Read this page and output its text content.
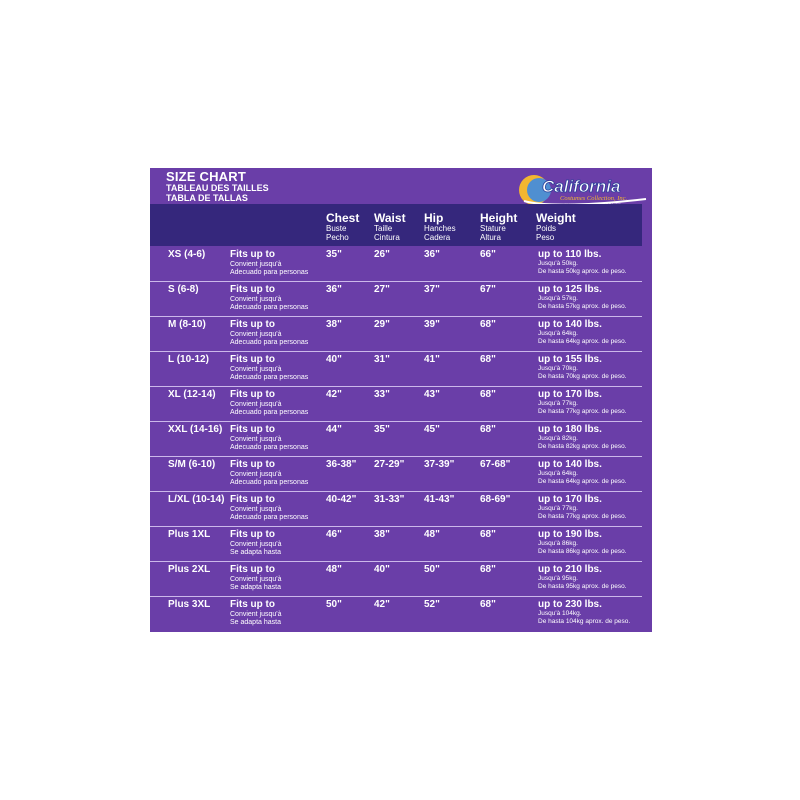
SIZE CHART
TABLEAU DES TAILLES
TABLA DE TALLAS
California
Costumes Collection, Inc.
Chest
Buste
Pecho
Waist
Taille
Cintura
Hip
Hanches
Cadera
Height
Stature
Altura
Weight
Poids
Peso
XS (4-6) Fits up to
Convient jusqu'à
Adecuado para personas
35"	26"	36"	66"	up to 110 lbs.
Jusqu'à 50kg.
De hasta 50kg aprox. de peso.
S (6-8)	Fits up to
Convient jusqu'à
Adecuado para personas
36"	27"	37"	67"	up to 125 lbs.
Jusqu'à 57kg.
De hasta 57kg aprox. de peso.
M (8-10) Fits up to
Convient jusqu'à
Adecuado para personas
38"	29"	39"	68"	up to 140 lbs.
Jusqu'à 64kg.
De hasta 64kg aprox. de peso.
L (10-12) Fits up to
Convient jusqu'à
Adecuado para personas
40"	31"	41"	68"	up to 155 lbs.
Jusqu'à 70kg.
De hasta 70kg aprox. de peso.
XL (12-14) Fits up to
Convient jusqu'à
Adecuado para personas
42"	33"	43"	68"	up to 170 lbs.
Jusqu'à 77kg.
De hasta 77kg aprox. de peso.
XXL (14-16) Fits up to
Convient jusqu'à
Adecuado para personas
44"	35"	45"	68"	up to 180 lbs.
Jusqu'à 82kg.
De hasta 82kg aprox. de peso.
S/M (6-10) Fits up to
Convient jusqu'à
Adecuado para personas
36-38" 27-29" 37-39"	67-68"	up to 140 lbs.
Jusqu'à 64kg.
De hasta 64kg aprox. de peso.
L/XL (10-14) Fits up to
Convient jusqu'à
Adecuado para personas
40-42" 31-33" 41-43"	68-69"	up to 170 lbs.
Jusqu'à 77kg.
De hasta 77kg aprox. de peso.
Plus 1XL Fits up to
Convient jusqu'à
Se adapta hasta
46"	38"	48"	68"	up to 190 lbs.
Jusqu'à 86kg.
De hasta 86kg aprox. de peso.
Plus 2XL Fits up to
Convient jusqu'à
Se adapta hasta
48"	40"	50"	68"	up to 210 lbs.
Jusqu'à 95kg.
De hasta 95kg aprox. de peso.
Plus 3XL Fits up to
Convient jusqu'à
Se adapta hasta
50"	42"	52"	68"	up to 230 lbs.
Jusqu'à 104kg.
De hasta 104kg aprox. de peso.
